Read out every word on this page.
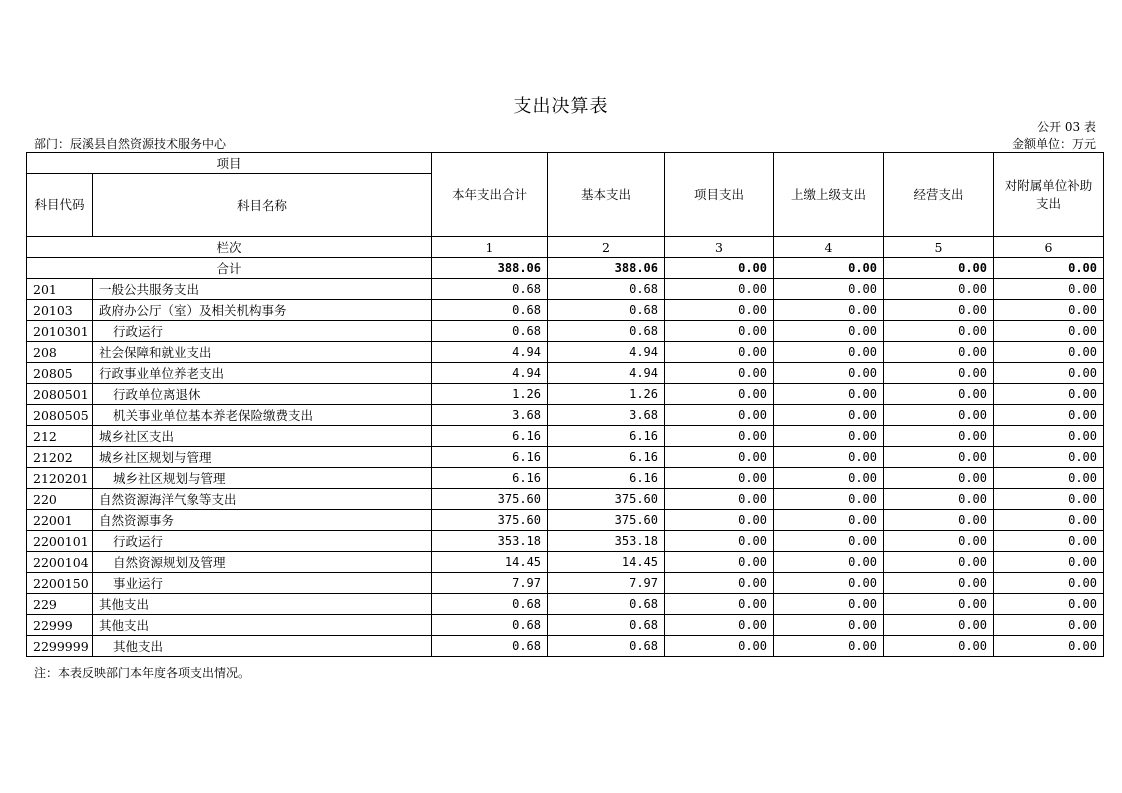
支出决算表
公开 03 表
部门：辰溪县自然资源技术服务中心	金额单位：万元
项目		本年支出合计	基本支出	项目支出	上缴上级支出	经营支出	对附属单位补助支出
科目代码	科目名称						
栏次		1	2	3	4	5	6
合计		388.06	388.06	0.00	0.00	0.00	0.00
201	一般公共服务支出	0.68	0.68	0.00	0.00	0.00	0.00
20103	政府办公厅（室）及相关机构事务	0.68	0.68	0.00	0.00	0.00	0.00
2010301	行政运行	0.68	0.68	0.00	0.00	0.00	0.00
208	社会保障和就业支出	4.94	4.94	0.00	0.00	0.00	0.00
20805	行政事业单位养老支出	4.94	4.94	0.00	0.00	0.00	0.00
2080501	行政单位离退休	1.26	1.26	0.00	0.00	0.00	0.00
2080505	机关事业单位基本养老保险缴费支出	3.68	3.68	0.00	0.00	0.00	0.00
212	城乡社区支出	6.16	6.16	0.00	0.00	0.00	0.00
21202	城乡社区规划与管理	6.16	6.16	0.00	0.00	0.00	0.00
2120201	城乡社区规划与管理	6.16	6.16	0.00	0.00	0.00	0.00
220	自然资源海洋气象等支出	375.60	375.60	0.00	0.00	0.00	0.00
22001	自然资源事务	375.60	375.60	0.00	0.00	0.00	0.00
2200101	行政运行	353.18	353.18	0.00	0.00	0.00	0.00
2200104	自然资源规划及管理	14.45	14.45	0.00	0.00	0.00	0.00
2200150	事业运行	7.97	7.97	0.00	0.00	0.00	0.00
229	其他支出	0.68	0.68	0.00	0.00	0.00	0.00
22999	其他支出	0.68	0.68	0.00	0.00	0.00	0.00
2299999	其他支出	0.68	0.68	0.00	0.00	0.00	0.00
注：本表反映部门本年度各项支出情况。
